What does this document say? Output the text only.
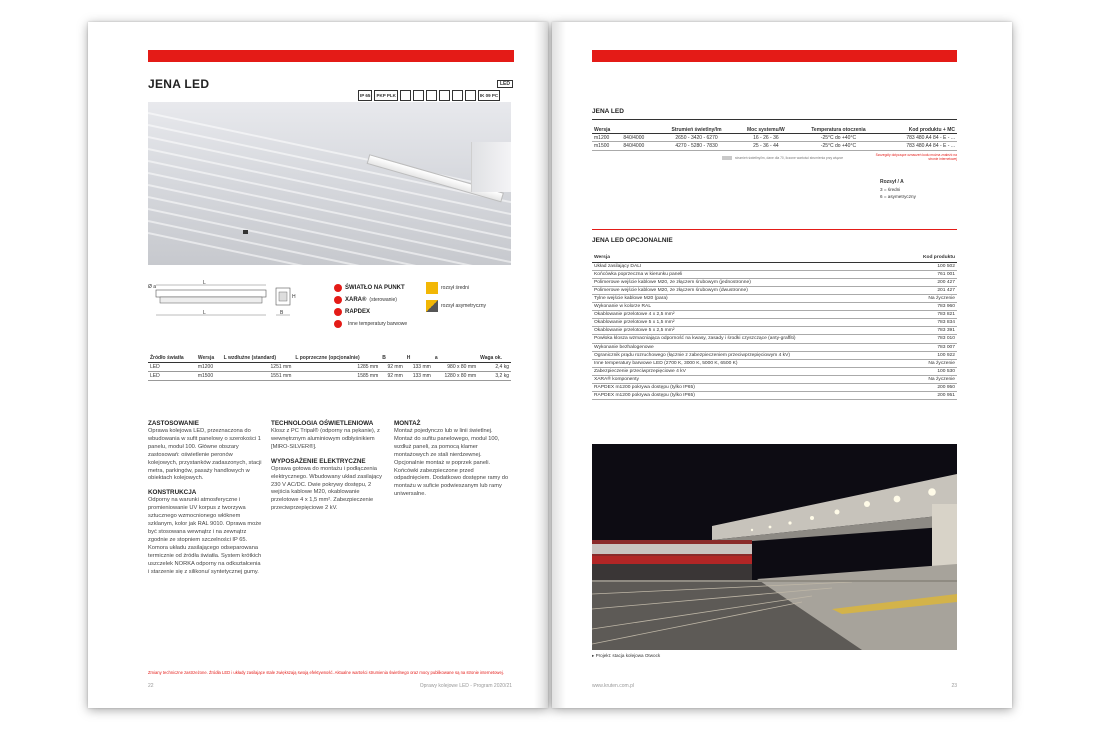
JENA LED	LED
IP 65	PKP PLK	IK 09 PC
Ø a
L
L
H
B
ŚWIATŁO NA PUNKT
XARA® (sterowanie)
RAPDEX
Inne temperatury barwowe
rozsył średni
rozsył asymetryczny
Źródło światła	Wersja	L wzdłużne (standard)	L poprzeczne (opcjonalnie)	B	H	a	Waga ok.
LED	m1200	1251 mm	1285 mm	92 mm	133 mm	980 x 80 mm	2,4 kg
LED	m1500	1551 mm	1585 mm	92 mm	133 mm	1280 x 80 mm	3,2 kg
ZASTOSOWANIE
Oprawa kolejowa LED, przeznaczona do wbudowania w sufit panelowy o szerokości 1 panelu, moduł 100. Główne obszary zastosowań: oświetlenie peronów kolejowych, przystanków zadaszonych, stacji metra, parkingów, pasaży handlowych w obiektach kolejowych.
KONSTRUKCJA
Odporny na warunki atmosferyczne i promieniowanie UV korpus z tworzywa sztucznego wzmocnionego włóknem szklanym, kolor jak RAL 9010. Oprawa może być stosowana wewnątrz i na zewnątrz zgodnie ze stopniem szczelności IP 65. Komora układu zasilającego odseparowana termicznie od źródła światła. System krótkich uszczelek NORKA odporny na odkształcenia i starzenie się z silikonu/ syntetycznej gumy.
TECHNOLOGIA OŚWIETLENIOWA
Klosz z PC Tripal® (odporny na pękanie), z wewnętrznym aluminiowym odbłyśnikiem [MIRO-SILVER®].
WYPOSAŻENIE ELEKTRYCZNE
Oprawa gotowa do montażu i podłączenia elektrycznego. Wbudowany układ zasilający 230 V AC/DC. Dwie pokrywy dostępu, 2 wejścia kablowe M20, okablowanie przelotowe 4 x 1,5 mm². Zabezpieczenie przeciwprzepięciowe 2 kV.
MONTAŻ
Montaż pojedynczo lub w linii świetlnej. Montaż do sufitu panelowego, moduł 100, wzdłuż paneli, za pomocą klamer montażowych ze stali nierdzewnej. Opcjonalnie montaż w poprzek paneli. Końcówki zabezpieczone przed odpadnięciem. Dodatkowo dostępne ramy do montażu w suficie podwieszanym lub ramy uniwersalne.
Zmiany techniczne zastrzeżone. Źródła LED i układy zasilające stale zwiększają swoją efektywność. Aktualne wartości strumienia świetlnego oraz mocy publikowane są na stronie internetowej.
22	Oprawy kolejowe LED - Program 2020/21
JENA LED
Wersja		Strumień świetlny/lm	Moc systemu/W	Temperatura otoczenia	Kod produktu + MC
m1200	840/4000	2650 - 3420 - 6270	16 - 26 - 36	-25°C do +40°C	783 480 A4 84 - E - ...
m1500	840/4000	4270 - 5280 - 7830	25 - 36 - 44	-25°C do +40°C	783 480 A4 84 - E - ...
strumień świetlny/lm, dane dla 70, liczone wartości strumienia przy wiązce
Szczegóły dotyczące oznaczeń kodu można znaleźć na stronie internetowej
Rozsył / A
3 = średni
6 = asymetryczny
JENA LED OPCJONALNIE
Wersja	Kod produktu
Układ zasilający DALI	100 502
Końcówka poprzeczna w kierunku paneli	761 001
Polimerowe wejście kablowe M20, ze złączem śrubowym (jednostronne)	200 427
Polimerowe wejście kablowe M20, ze złączem śrubowym (dwustronne)	201 427
Tylne wejście kablowe M20 (para)	Na życzenie
Wykonanie w kolorze RAL	783 960
Okablowanie przelotowe 4 x 2,5 mm²	783 821
Okablowanie przelotowe 5 x 1,5 mm²	783 834
Okablowanie przelotowe 5 x 2,5 mm²	783 391
Powłoka klosza wzmacniająca odporność na kwasy, zasady i środki czyszczące (anty-graffiti)	783 010
Wykonanie bezhalogenowe	783 007
Ogranicznik prądu rozruchowego (łącznie z zabezpieczeniem przeciwprzepięciowym 4 kV)	100 922
Inne temperatury barwowe LED (2700 K, 3000 K, 5000 K, 6500 K)	Na życzenie
Zabezpieczenie przeciwprzepięciowe 4 kV	100 530
XARA® komponenty	Na życzenie
RAPDEX m1200 pokrywa dostępu (tylko IP65)	200 950
RAPDEX m1200 pokrywa dostępu (tylko IP65)	200 951
▸ Projekt: stacja kolejowa Otwock
www.kruten.com.pl	23
